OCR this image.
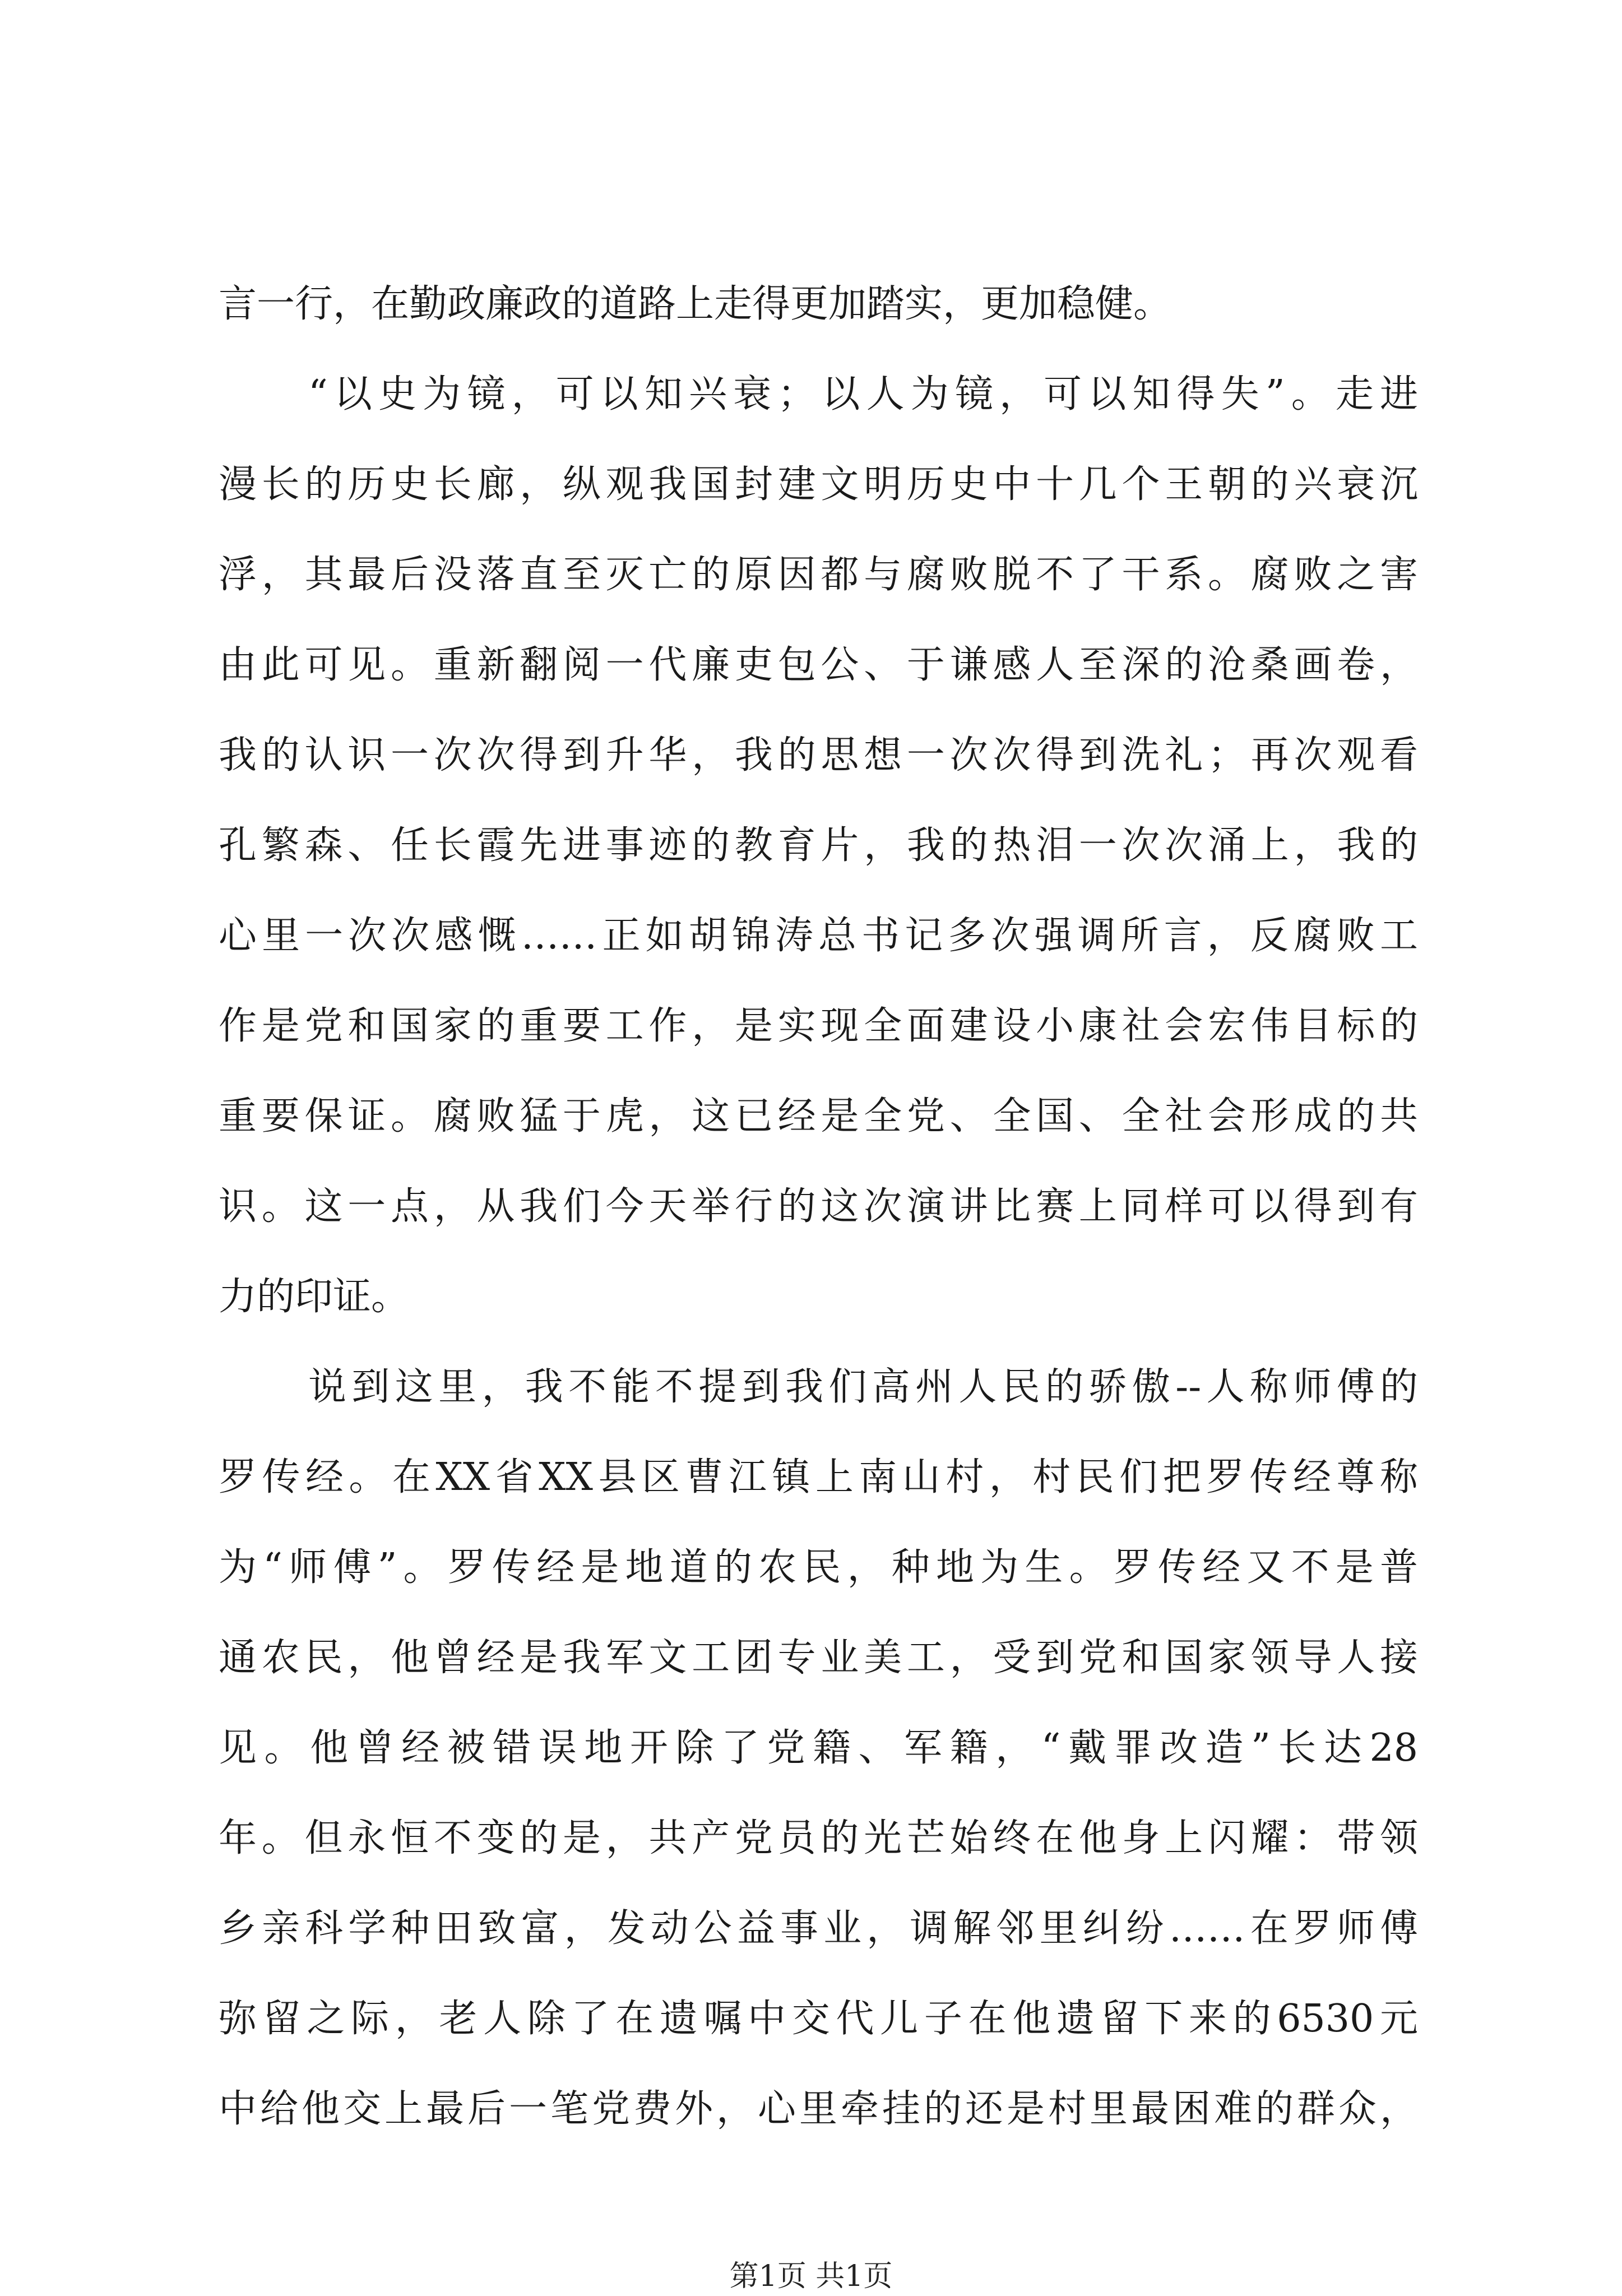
言一行，在勤政廉政的道路上走得更加踏实，更加稳健。
“以史为镜，可以知兴衰；以人为镜，可以知得失”。走进
漫长的历史长廊，纵观我国封建文明历史中十几个王朝的兴衰沉
浮，其最后没落直至灭亡的原因都与腐败脱不了干系。腐败之害
由此可见。重新翻阅一代廉吏包公、于谦感人至深的沧桑画卷，
我的认识一次次得到升华，我的思想一次次得到洗礼；再次观看
孔繁森、任长霞先进事迹的教育片，我的热泪一次次涌上，我的
心里一次次感慨……正如胡锦涛总书记多次强调所言，反腐败工
作是党和国家的重要工作，是实现全面建设小康社会宏伟目标的
重要保证。腐败猛于虎，这已经是全党、全国、全社会形成的共
识。这一点，从我们今天举行的这次演讲比赛上同样可以得到有
力的印证。
说到这里，我不能不提到我们高州人民的骄傲--人称师傅的
罗传经。在XX省XX县区曹江镇上南山村，村民们把罗传经尊称
为“师傅”。罗传经是地道的农民，种地为生。罗传经又不是普
通农民，他曾经是我军文工团专业美工，受到党和国家领导人接
见。他曾经被错误地开除了党籍、军籍，“戴罪改造”长达28
年。但永恒不变的是，共产党员的光芒始终在他身上闪耀：带领
乡亲科学种田致富，发动公益事业，调解邻里纠纷……在罗师傅
弥留之际，老人除了在遗嘱中交代儿子在他遗留下来的6530元
中给他交上最后一笔党费外，心里牵挂的还是村里最困难的群众，
第1页 共1页
